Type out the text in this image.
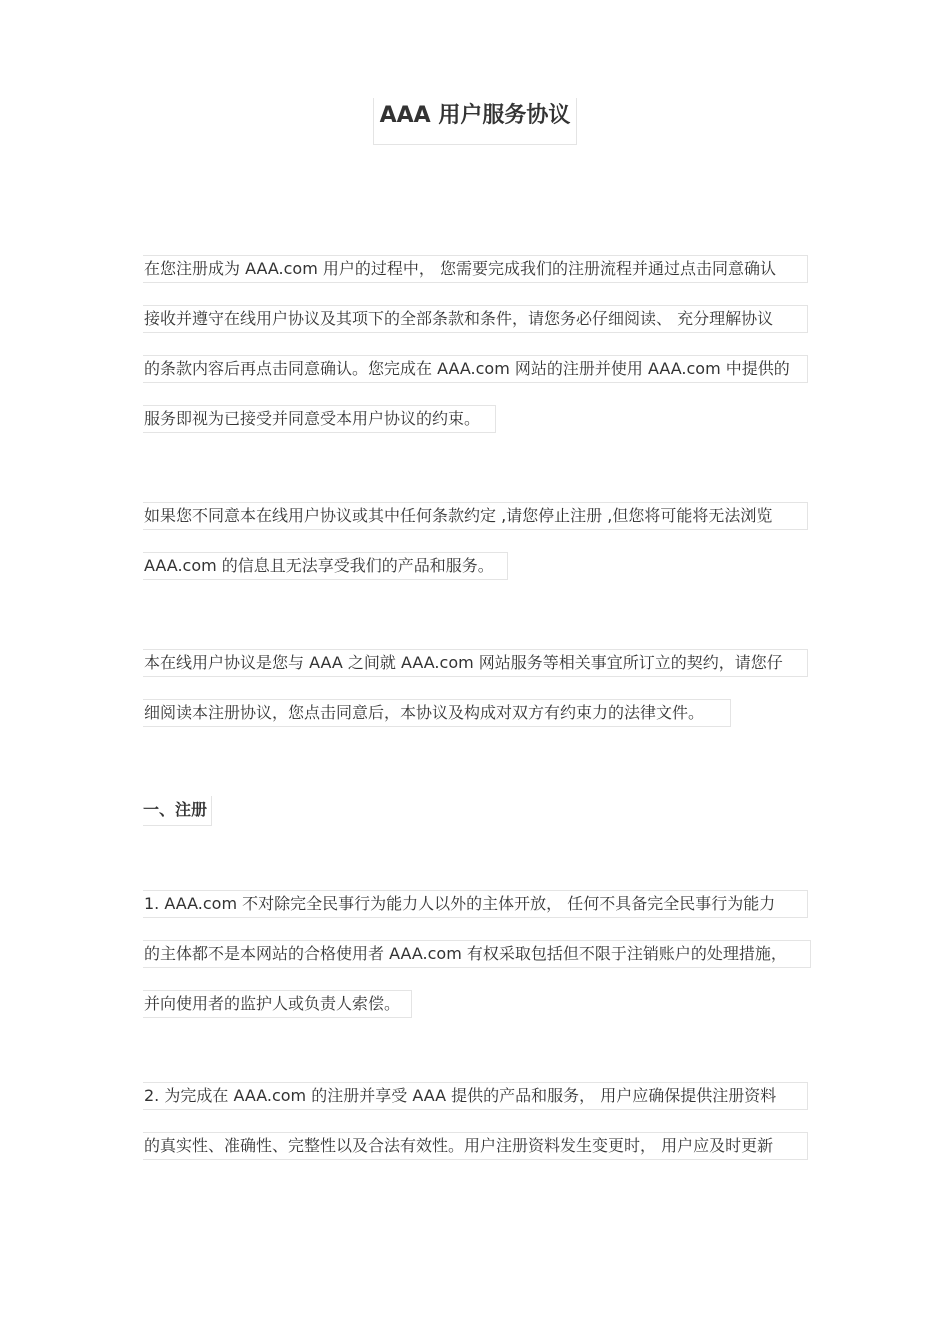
AAA 用户服务协议
在您注册成为 AAA.com 用户的过程中， 您需要完成我们的注册流程并通过点击同意确认
接收并遵守在线用户协议及其项下的全部条款和条件，请您务必仔细阅读、 充分理解协议
的条款内容后再点击同意确认。您完成在 AAA.com 网站的注册并使用 AAA.com 中提供的
服务即视为已接受并同意受本用户协议的约束。
如果您不同意本在线用户协议或其中任何条款约定 ,请您停止注册 ,但您将可能将无法浏览
AAA.com 的信息且无法享受我们的产品和服务。
本在线用户协议是您与 AAA 之间就 AAA.com 网站服务等相关事宜所订立的契约，请您仔
细阅读本注册协议，您点击同意后，本协议及构成对双方有约束力的法律文件。
一、注册
1. AAA.com 不对除完全民事行为能力人以外的主体开放， 任何不具备完全民事行为能力
的主体都不是本网站的合格使用者 AAA.com 有权采取包括但不限于注销账户的处理措施，
并向使用者的监护人或负责人索偿。
2. 为完成在 AAA.com 的注册并享受 AAA 提供的产品和服务， 用户应确保提供注册资料
的真实性、准确性、完整性以及合法有效性。用户注册资料发生变更时， 用户应及时更新
